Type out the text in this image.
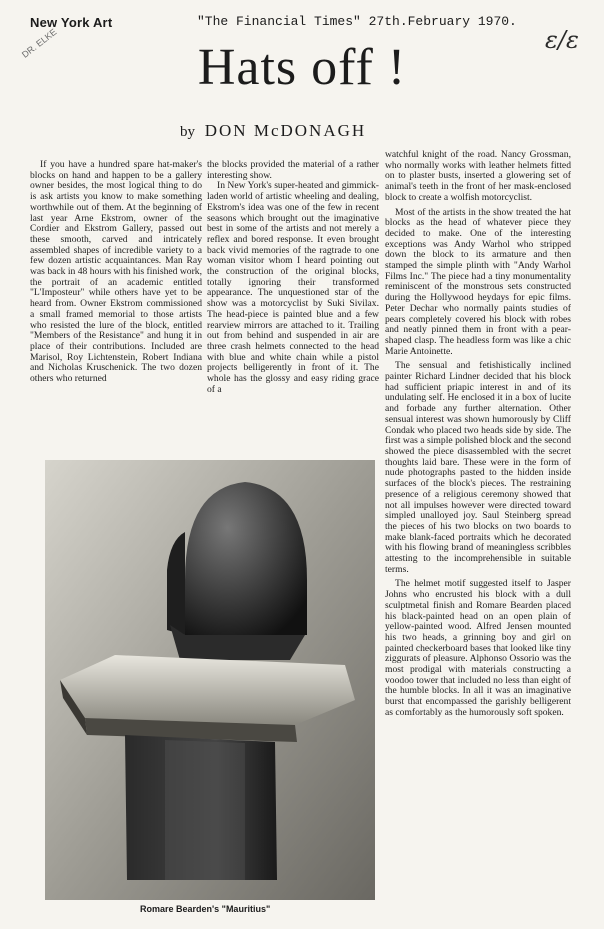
New York Art
DR. ELKE
"The Financial Times" 27th.February 1970.
ε/ε
Hats off !
by DON McDONAGH

If you have a hundred spare hat-maker's blocks on hand and happen to be a gallery owner besides, the most logical thing to do is ask artists you know to make something worthwhile out of them. At the beginning of last year Arne Ekstrom, owner of the Cordier and Ekstrom Gallery, passed out these smooth, carved and intricately assembled shapes of incredible variety to a few dozen artistic acquaintances. Man Ray was back in 48 hours with his finished work, the portrait of an academic entitled "L'Imposteur" while others have yet to be heard from. Owner Ekstrom commissioned a small framed memorial to those artists who resisted the lure of the block, entitled "Members of the Resistance" and hung it in place of their contributions. Included are Marisol, Roy Lichtenstein, Robert Indiana and Nicholas Kruschenick. The two dozen others who returned

the blocks provided the material of a rather interesting show.

In New York's super-heated and gimmick-laden world of artistic wheeling and dealing, Ekstrom's idea was one of the few in recent seasons which brought out the imaginative best in some of the artists and not merely a reflex and bored response. It even brought back vivid memories of the ragtrade to one woman visitor whom I heard pointing out the construction of the original blocks, totally ignoring their transformed appearance. The unquestioned star of the show was a motorcyclist by Suki Sivilax. The head-piece is painted blue and a few rearview mirrors are attached to it. Trailing out from behind and suspended in air are three crash helmets connected to the head with blue and white chain while a pistol projects belligerently in front of it. The whole has the glossy and easy riding grace of a

watchful knight of the road. Nancy Grossman, who normally works with leather helmets fitted on to plaster busts, inserted a glowering set of animal's teeth in the front of her mask-enclosed block to create a wolfish motorcyclist.

Most of the artists in the show treated the hat blocks as the head of whatever piece they decided to make. One of the interesting exceptions was Andy Warhol who stripped down the block to its armature and then stamped the simple plinth with "Andy Warhol Films Inc." The piece had a tiny monumentality reminiscent of the monstrous sets constructed during the Hollywood heydays for epic films. Peter Dechar who normally paints studies of pears completely covered his block with robes and neatly pinned them in front with a pear-shaped clasp. The headless form was like a chic Marie Antoinette.

The sensual and fetishistically inclined painter Richard Lindner decided that his block had sufficient priapic interest in and of its undulating self. He enclosed it in a box of lucite and forbade any further alternation. Other sensual interest was shown humorously by Cliff Condak who placed two heads side by side. The first was a simple polished block and the second showed the piece disassembled with the secret thoughts laid bare. These were in the form of nude photographs pasted to the hidden inside surfaces of the block's pieces. The restraining presence of a religious ceremony showed that not all impulses however were directed toward simpled unalloyed joy. Saul Steinberg spread the pieces of his two blocks on two boards to make blank-faced portraits which he decorated with his flowing brand of meaningless scribbles attesting to the incomprehensible in suitable terms.

The helmet motif suggested itself to Jasper Johns who encrusted his block with a dull sculptmetal finish and Romare Bearden placed his black-painted head on an open plain of yellow-painted wood. Alfred Jensen mounted his two heads, a grinning boy and girl on painted checkerboard bases that looked like tiny ziggurats of pleasure. Alphonso Ossorio was the most prodigal with materials constructing a voodoo tower that included no less than eight of the humble blocks. In all it was an imaginative burst that encompassed the garishly belligerent as comfortably as the humorously soft spoken.

Romare Bearden's "Mauritius"
